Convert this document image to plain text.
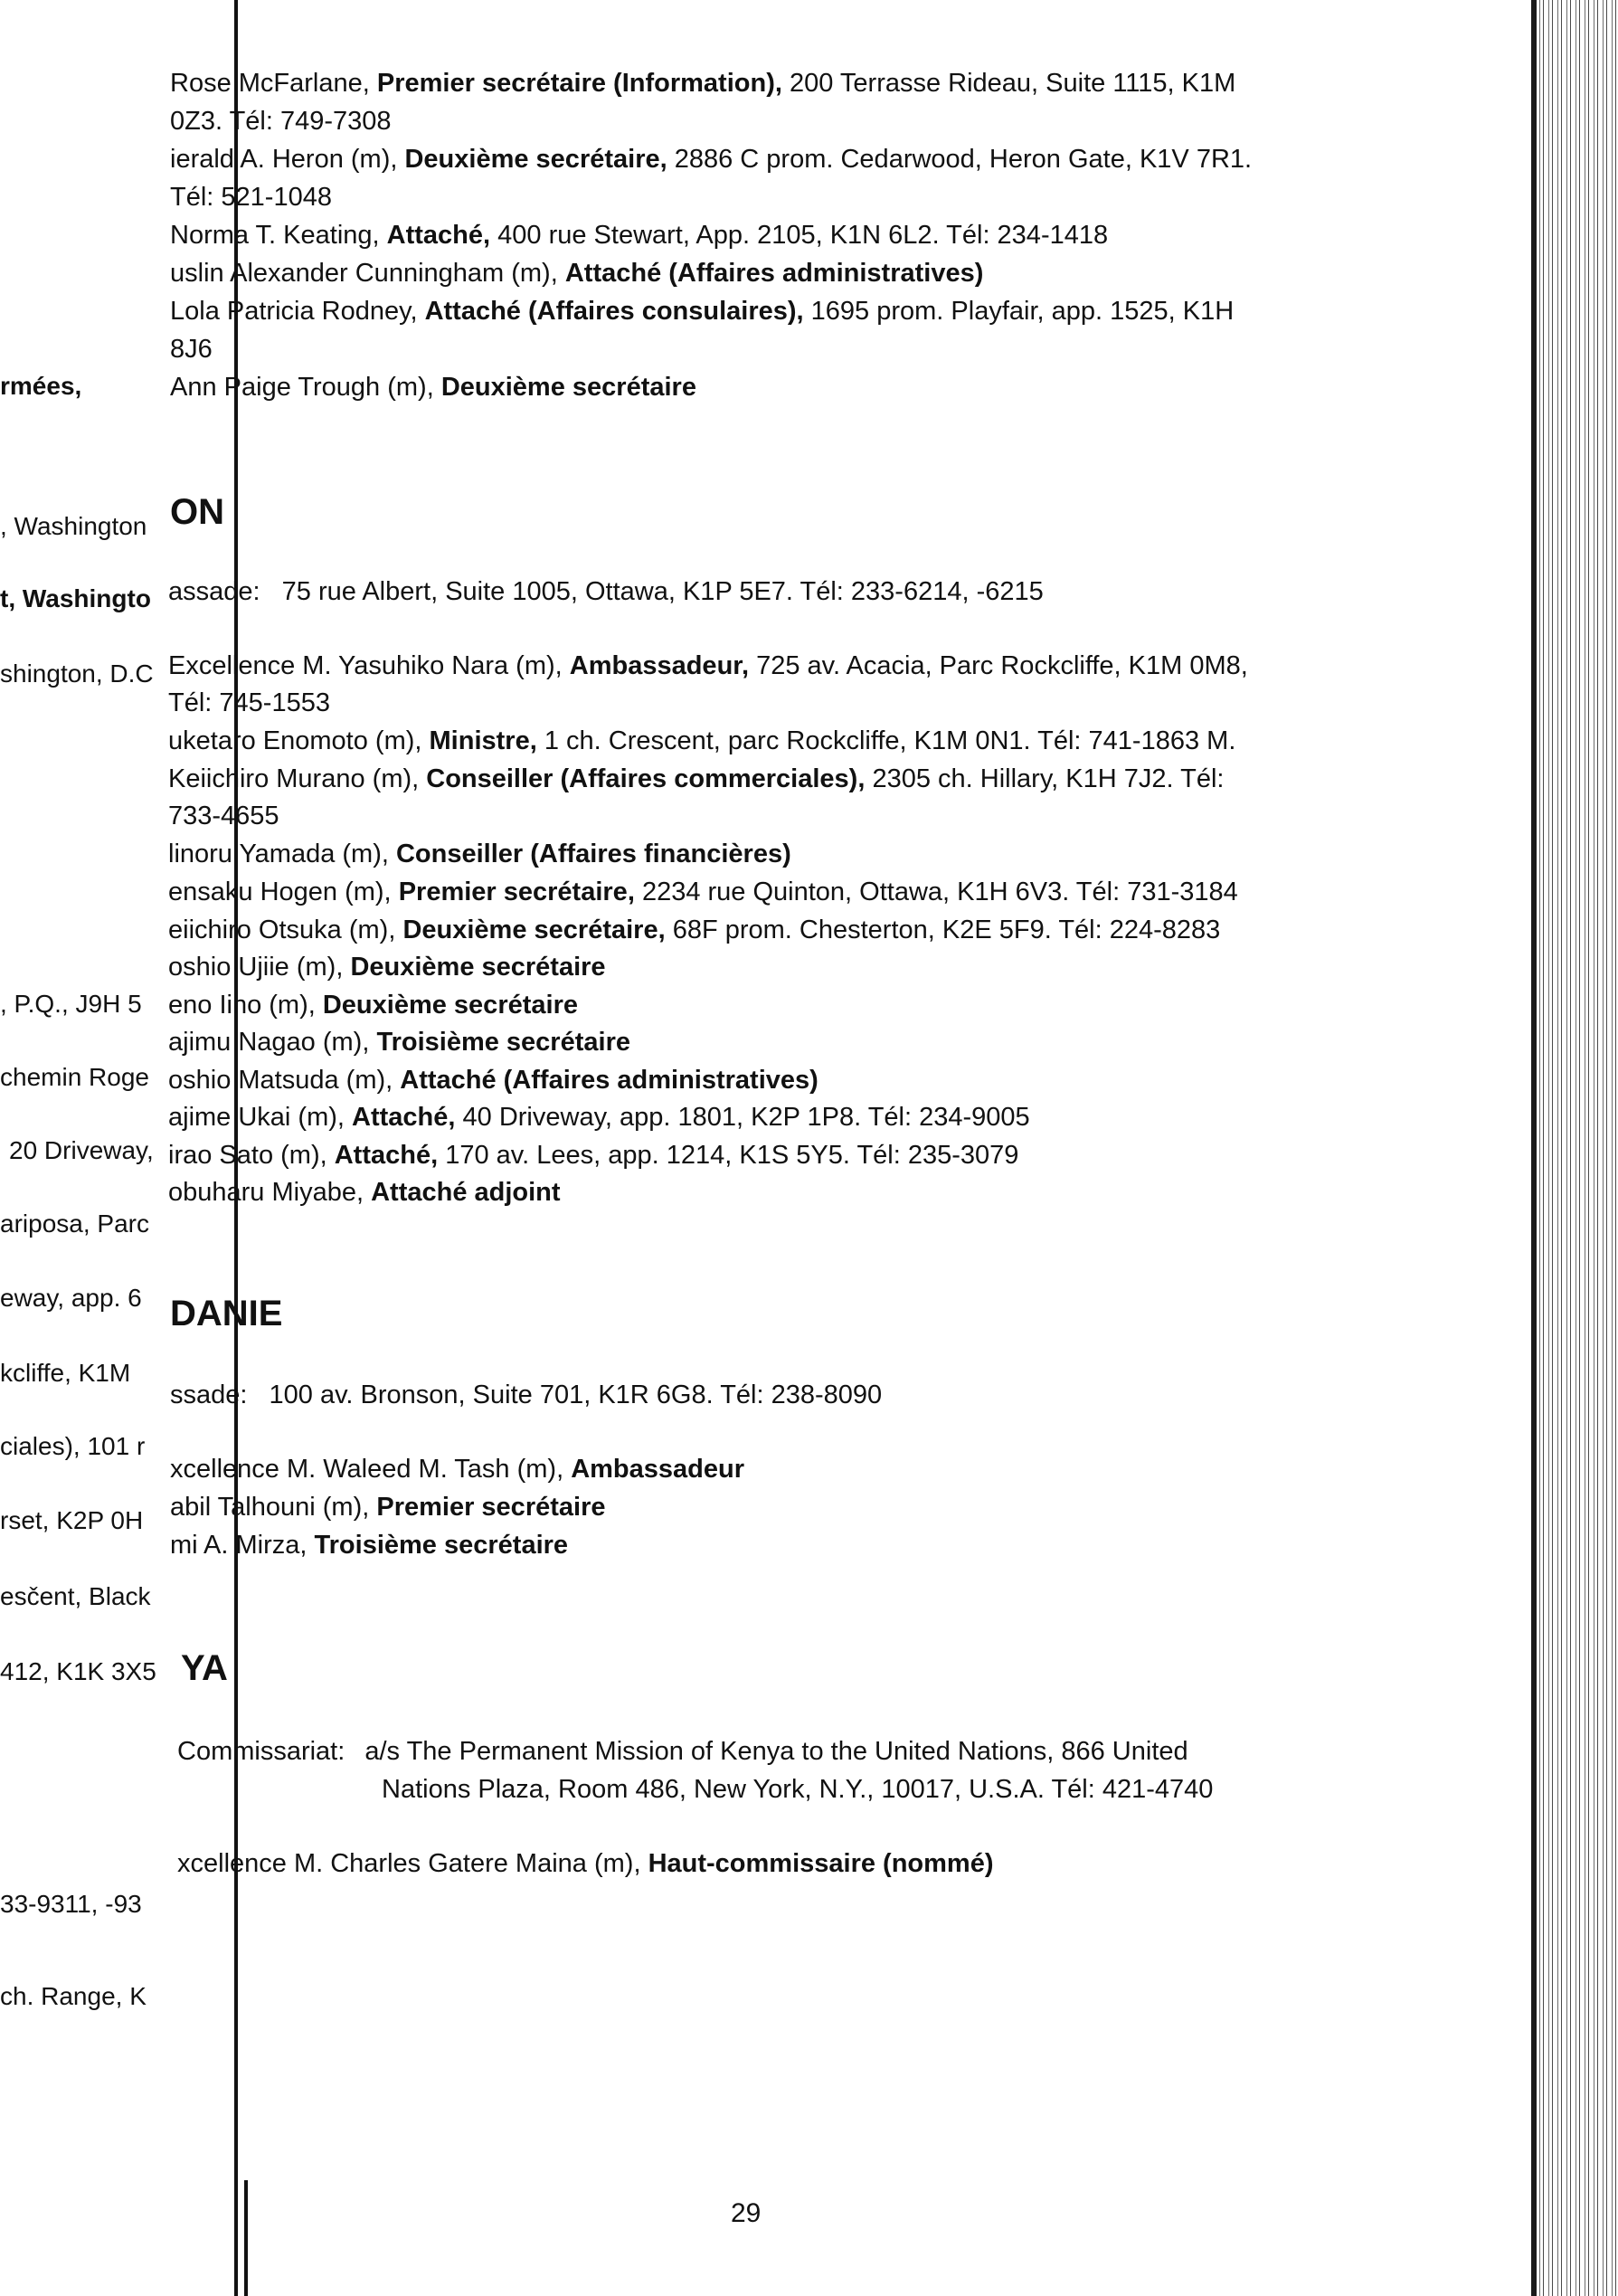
rmées,
, Washington
t, Washingto
shington, D.C
, P.Q., J9H 5
chemin Roge
20 Driveway,
ariposa, Parc
eway, app. 6
kcliffe, K1M
ciales), 101 r
rset, K2P 0H
esčent, Black
412, K1K 3X5
33-9311, -93
ch. Range, K
Rose McFarlane, Premier secrétaire (Information), 200 Terrasse Rideau, Suite 1115, K1M
0Z3. Tél: 749-7308
ierald A. Heron (m), Deuxième secrétaire, 2886 C prom. Cedarwood, Heron Gate, K1V 7R1.
Tél: 521-1048
Norma T. Keating, Attaché, 400 rue Stewart, App. 2105, K1N 6L2. Tél: 234-1418
uslin Alexander Cunningham (m), Attaché (Affaires administratives)
Lola Patricia Rodney, Attaché (Affaires consulaires), 1695 prom. Playfair, app. 1525, K1H
8J6
Ann Paige Trough (m), Deuxième secrétaire
ON
assade: 75 rue Albert, Suite 1005, Ottawa, K1P 5E7. Tél: 233-6214, -6215
Excellence M. Yasuhiko Nara (m), Ambassadeur, 725 av. Acacia, Parc Rockcliffe, K1M 0M8,
Tél: 745-1553
uketaro Enomoto (m), Ministre, 1 ch. Crescent, parc Rockcliffe, K1M 0N1. Tél: 741-1863 M.
Keiichiro Murano (m), Conseiller (Affaires commerciales), 2305 ch. Hillary, K1H 7J2. Tél:
733-4655
linoru Yamada (m), Conseiller (Affaires financières)
ensaku Hogen (m), Premier secrétaire, 2234 rue Quinton, Ottawa, K1H 6V3. Tél: 731-3184
eiichiro Otsuka (m), Deuxième secrétaire, 68F prom. Chesterton, K2E 5F9. Tél: 224-8283
oshio Ujiie (m), Deuxième secrétaire
eno Iino (m), Deuxième secrétaire
ajimu Nagao (m), Troisième secrétaire
oshio Matsuda (m), Attaché (Affaires administratives)
ajime Ukai (m), Attaché, 40 Driveway, app. 1801, K2P 1P8. Tél: 234-9005
irao Sato (m), Attaché, 170 av. Lees, app. 1214, K1S 5Y5. Tél: 235-3079
obuharu Miyabe, Attaché adjoint
DANIE
ssade: 100 av. Bronson, Suite 701, K1R 6G8. Tél: 238-8090
xcellence M. Waleed M. Tash (m), Ambassadeur
abil Talhouni (m), Premier secrétaire
mi A. Mirza, Troisième secrétaire
YA
Commissariat: a/s The Permanent Mission of Kenya to the United Nations, 866 United
Nations Plaza, Room 486, New York, N.Y., 10017, U.S.A. Tél: 421-4740
xcellence M. Charles Gatere Maina (m), Haut-commissaire (nommé)
29
